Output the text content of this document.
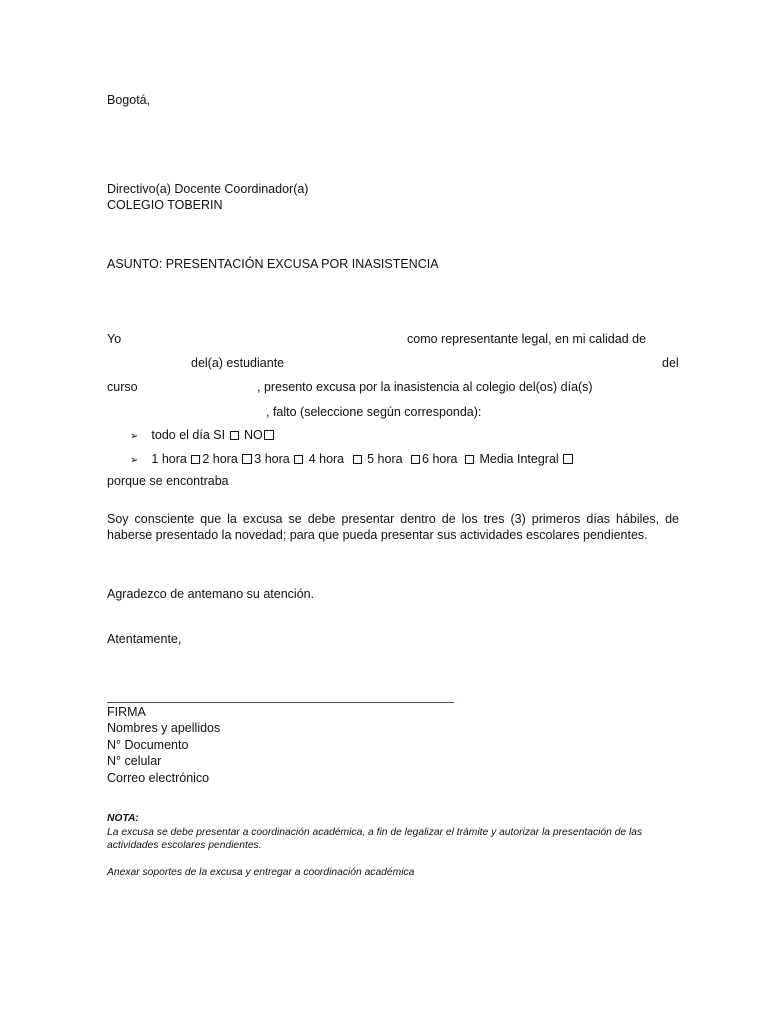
Bogotá,
Directivo(a) Docente Coordinador(a)
COLEGIO TOBERIN
ASUNTO: PRESENTACIÓN EXCUSA POR INASISTENCIA
Yo	como representante legal, en mi calidad de
del(a) estudiante	del
curso	, presento excusa por la inasistencia al colegio del(os) día(s)
, falto (seleccione según corresponda):
➢ todo el día SI NO
➢ 1 hora 2 hora 3 hora 4 hora 5 hora 6 hora Media Integral
porque se encontraba
Soy consciente que la excusa se debe presentar dentro de los tres (3) primeros días hábiles, de haberse presentado la novedad; para que pueda presentar sus actividades escolares pendientes.
Agradezco de antemano su atención.
Atentamente,
FIRMA
Nombres y apellidos
N° Documento
N° celular
Correo electrónico
NOTA:
La excusa se debe presentar a coordinación académica, a fin de legalizar el trámite y autorizar la presentación de las actividades escolares pendientes.
Anexar soportes de la excusa y entregar a coordinación académica
